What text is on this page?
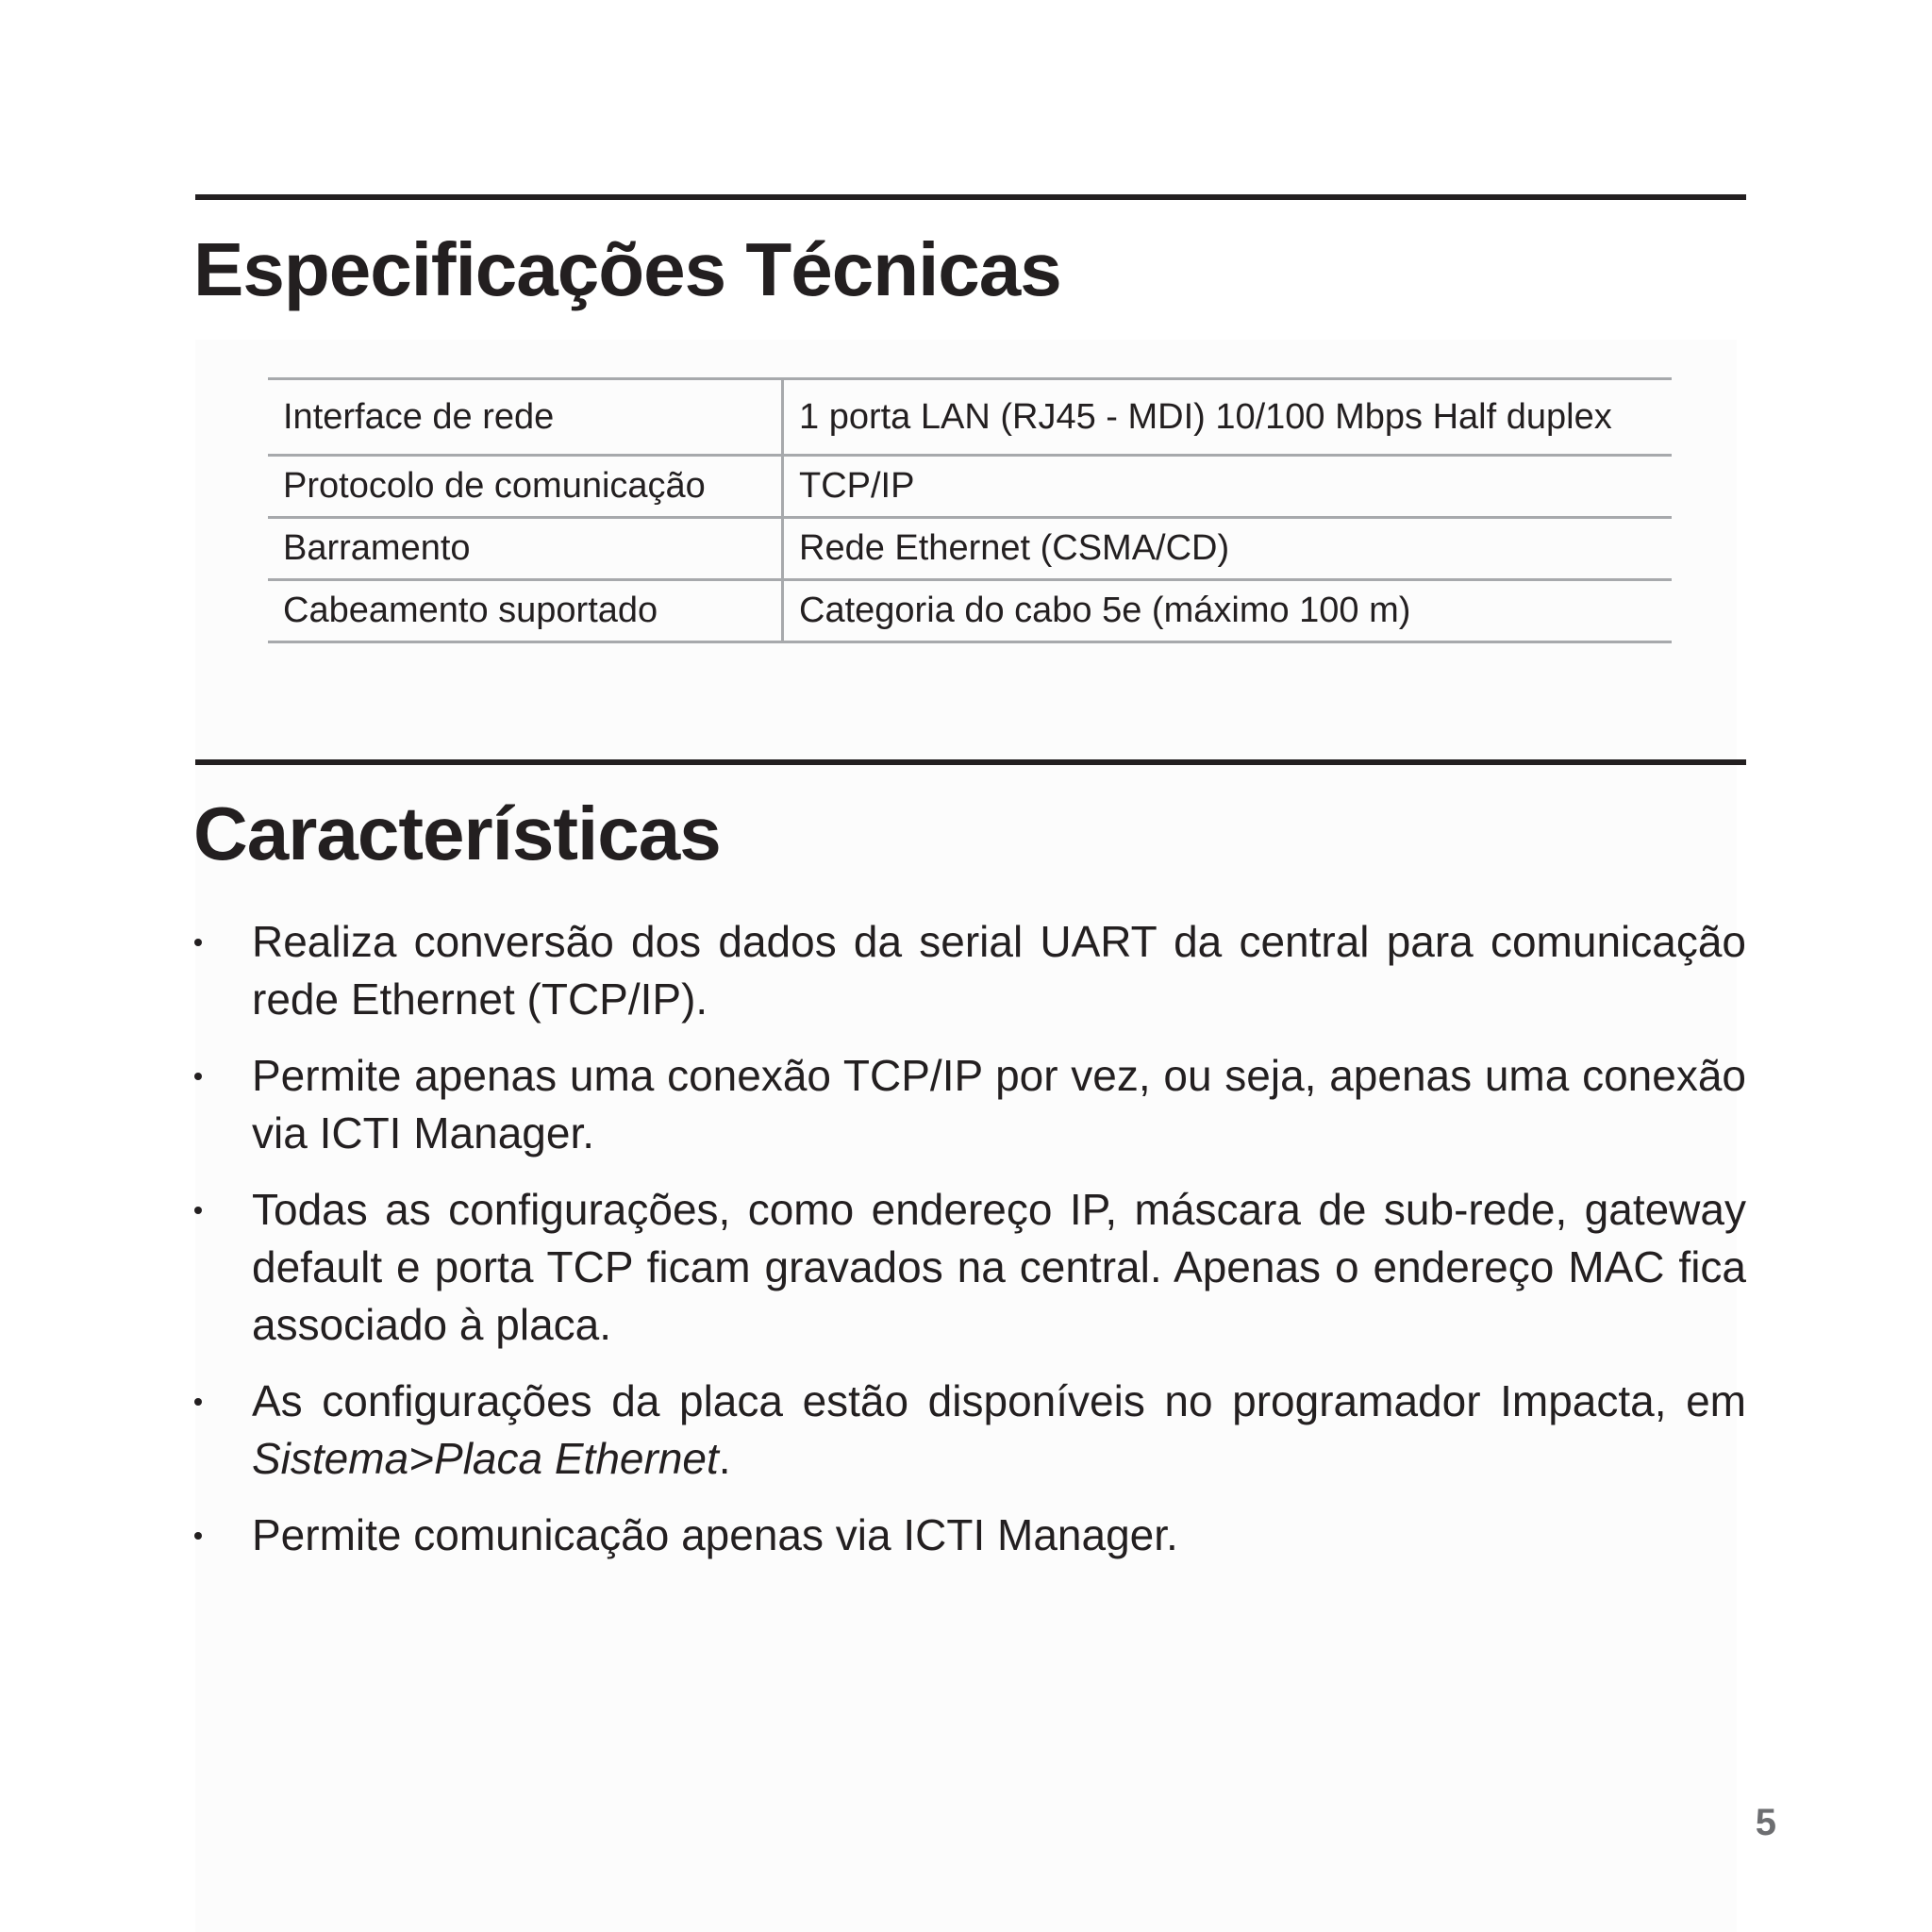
Especificações Técnicas
Interface de rede	1 porta LAN (RJ45 - MDI) 10/100 Mbps Half duplex
Protocolo de comunicação	TCP/IP
Barramento	Rede Ethernet (CSMA/CD)
Cabeamento suportado	Categoria do cabo 5e (máximo 100 m)
Características
Realiza conversão dos dados da serial UART da central para comunicação rede Ethernet (TCP/IP).
Permite apenas uma conexão TCP/IP por vez, ou seja, apenas uma conexão via ICTI Manager.
Todas as configurações, como endereço IP, máscara de sub-rede, gateway default e porta TCP ficam gravados na central. Apenas o endereço MAC fica associado à placa.
As configurações da placa estão disponíveis no programador Impacta, em Sistema>Placa Ethernet.
Permite comunicação apenas via ICTI Manager.
5
